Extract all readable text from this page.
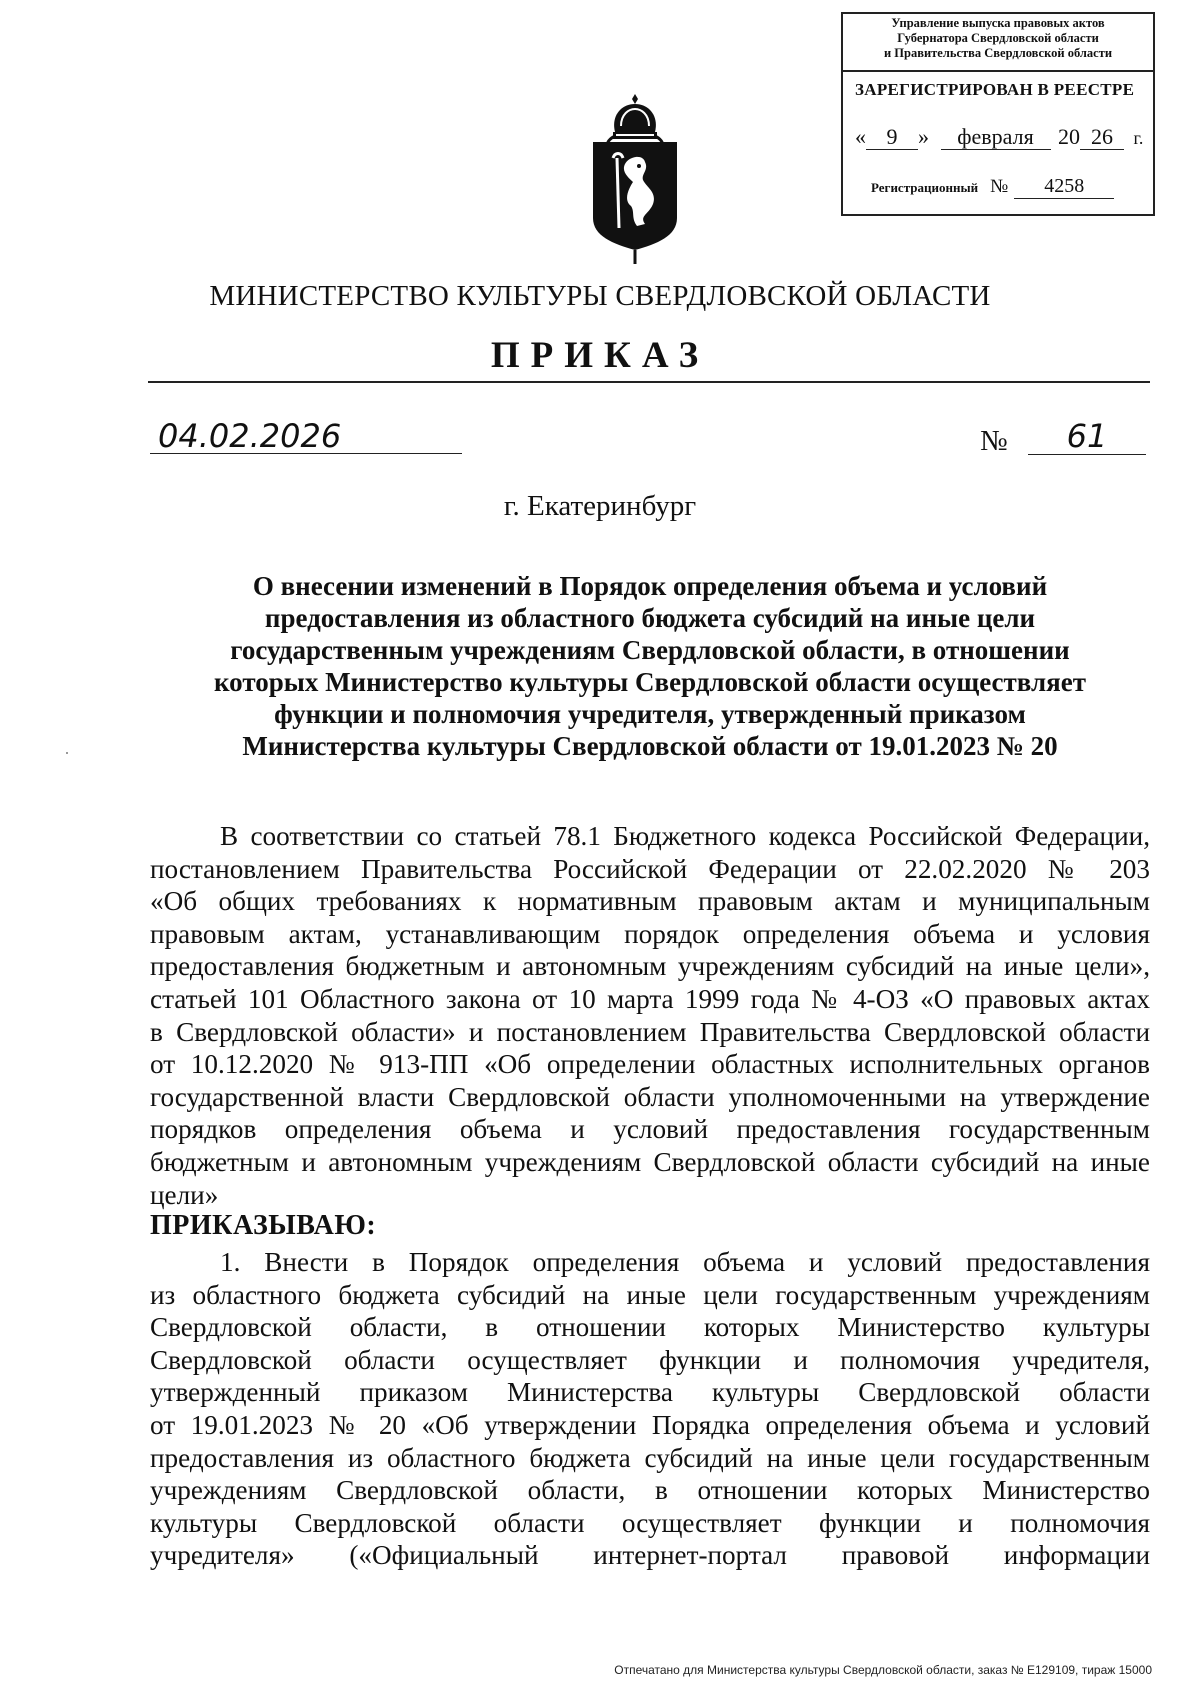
Управление выпуска правовых актов
Губернатора Свердловской области
и Правительства Свердловской области
ЗАРЕГИСТРИРОВАН В РЕЕСТРЕ
« 9 » февраля 20 26 г.
Регистрационный № 4258
МИНИСТЕРСТВО КУЛЬТУРЫ СВЕРДЛОВСКОЙ ОБЛАСТИ
ПРИКАЗ
04.02.2026	№	61
г. Екатеринбург
О внесении изменений в Порядок определения объема и условий
предоставления из областного бюджета субсидий на иные цели
государственным учреждениям Свердловской области, в отношении
которых Министерство культуры Свердловской области осуществляет
функции и полномочия учредителя, утвержденный приказом
Министерства культуры Свердловской области от 19.01.2023 № 20
В соответствии со статьей 78.1 Бюджетного кодекса Российской Федерации,
постановлением Правительства Российской Федерации от 22.02.2020 № 203
«Об общих требованиях к нормативным правовым актам и муниципальным
правовым актам, устанавливающим порядок определения объема и условия
предоставления бюджетным и автономным учреждениям субсидий на иные цели»,
статьей 101 Областного закона от 10 марта 1999 года № 4-ОЗ «О правовых актах
в Свердловской области» и постановлением Правительства Свердловской области
от 10.12.2020 № 913-ПП «Об определении областных исполнительных органов
государственной власти Свердловской области уполномоченными на утверждение
порядков определения объема и условий предоставления государственным
бюджетным и автономным учреждениям Свердловской области субсидий на иные
цели»
ПРИКАЗЫВАЮ:
1. Внести в Порядок определения объема и условий предоставления
из областного бюджета субсидий на иные цели государственным учреждениям
Свердловской области, в отношении которых Министерство культуры
Свердловской области осуществляет функции и полномочия учредителя,
утвержденный приказом Министерства культуры Свердловской области
от 19.01.2023 № 20 «Об утверждении Порядка определения объема и условий
предоставления из областного бюджета субсидий на иные цели государственным
учреждениям Свердловской области, в отношении которых Министерство
культуры Свердловской области осуществляет функции и полномочия
учредителя» («Официальный интернет-портал правовой информации
Отпечатано для Министерства культуры Свердловской области, заказ № Е129109, тираж 15000
